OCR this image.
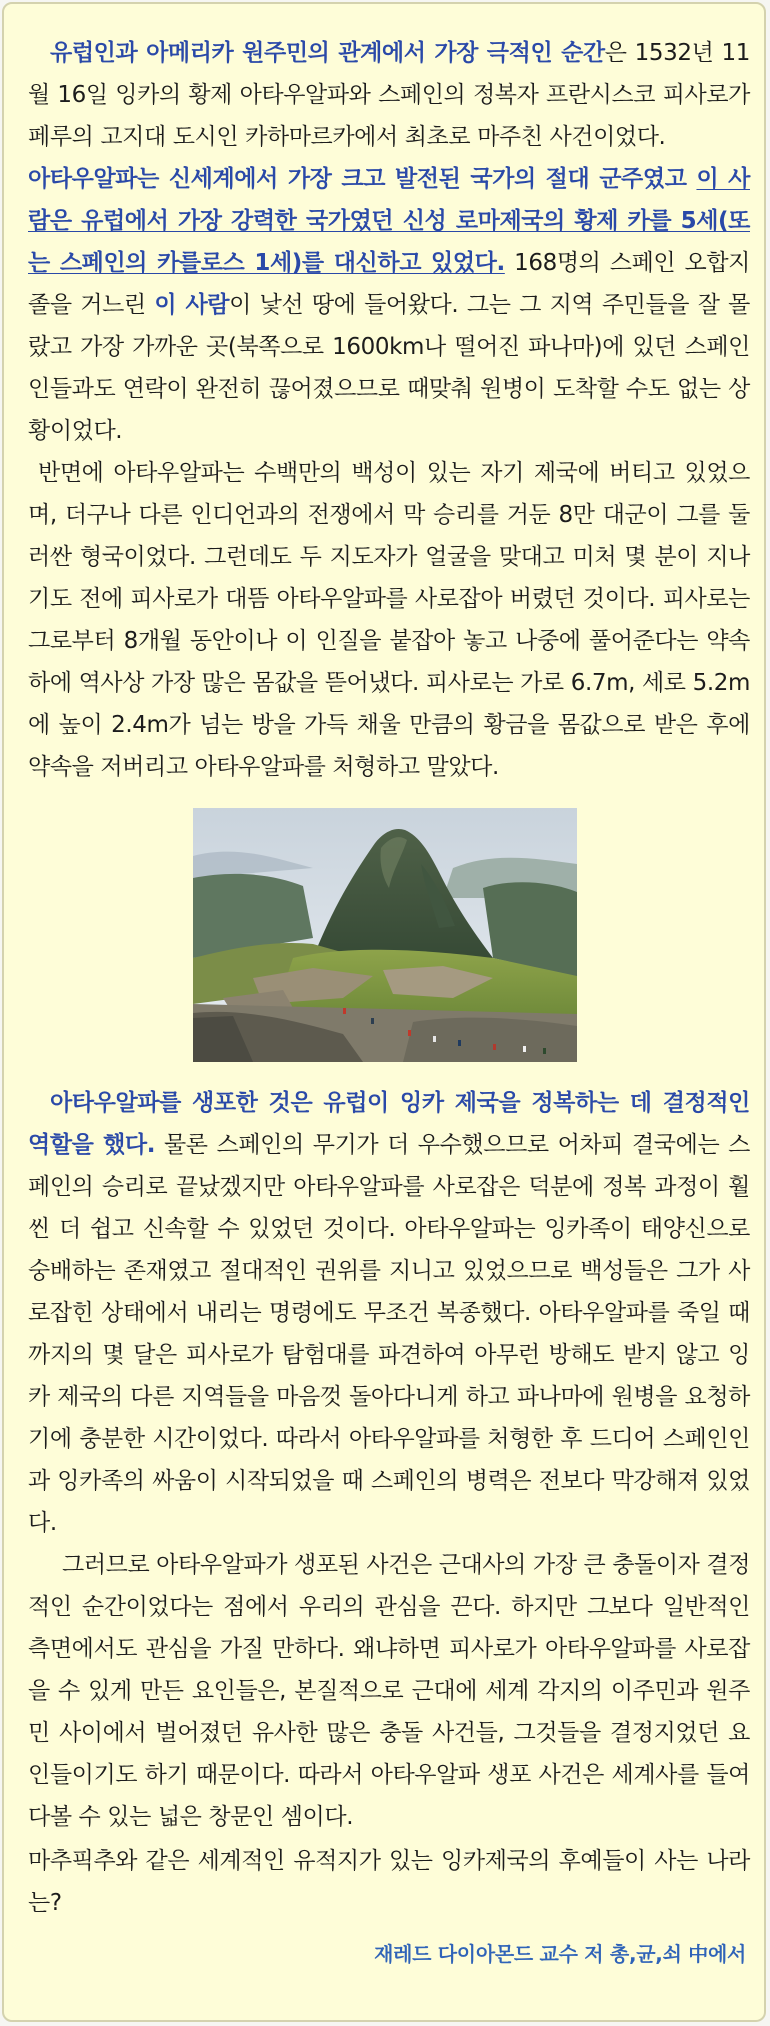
유럽인과 아메리카 원주민의 관계에서 가장 극적인 순간은 1532년 11월 16일 잉카의 황제 아타우알파와 스페인의 정복자 프란시스코 피사로가 페루의 고지대 도시인 카하마르카에서 최초로 마주친 사건이었다.

아타우알파는 신세계에서 가장 크고 발전된 국가의 절대 군주였고 이 사람은 유럽에서 가장 강력한 국가였던 신성 로마제국의 황제 카를 5세(또는 스페인의 카를로스 1세)를 대신하고 있었다. 168명의 스페인 오합지졸을 거느린 이 사람이 낯선 땅에 들어왔다. 그는 그 지역 주민들을 잘 몰랐고 가장 가까운 곳(북쪽으로 1600km나 떨어진 파나마)에 있던 스페인인들과도 연락이 완전히 끊어졌으므로 때맞춰 원병이 도착할 수도 없는 상황이었다.

반면에 아타우알파는 수백만의 백성이 있는 자기 제국에 버티고 있었으며, 더구나 다른 인디언과의 전쟁에서 막 승리를 거둔 8만 대군이 그를 둘러싼 형국이었다. 그런데도 두 지도자가 얼굴을 맞대고 미처 몇 분이 지나기도 전에 피사로가 대뜸 아타우알파를 사로잡아 버렸던 것이다. 피사로는 그로부터 8개월 동안이나 이 인질을 붙잡아 놓고 나중에 풀어준다는 약속하에 역사상 가장 많은 몸값을 뜯어냈다. 피사로는 가로 6.7m, 세로 5.2m에 높이 2.4m가 넘는 방을 가득 채울 만큼의 황금을 몸값으로 받은 후에 약속을 저버리고 아타우알파를 처형하고 말았다.

아타우알파를 생포한 것은 유럽이 잉카 제국을 정복하는 데 결정적인 역할을 했다. 물론 스페인의 무기가 더 우수했으므로 어차피 결국에는 스페인의 승리로 끝났겠지만 아타우알파를 사로잡은 덕분에 정복 과정이 훨씬 더 쉽고 신속할 수 있었던 것이다. 아타우알파는 잉카족이 태양신으로 숭배하는 존재였고 절대적인 권위를 지니고 있었으므로 백성들은 그가 사로잡힌 상태에서 내리는 명령에도 무조건 복종했다. 아타우알파를 죽일 때까지의 몇 달은 피사로가 탐험대를 파견하여 아무런 방해도 받지 않고 잉카 제국의 다른 지역들을 마음껏 돌아다니게 하고 파나마에 원병을 요청하기에 충분한 시간이었다. 따라서 아타우알파를 처형한 후 드디어 스페인인과 잉카족의 싸움이 시작되었을 때 스페인의 병력은 전보다 막강해져 있었다.

그러므로 아타우알파가 생포된 사건은 근대사의 가장 큰 충돌이자 결정적인 순간이었다는 점에서 우리의 관심을 끈다. 하지만 그보다 일반적인 측면에서도 관심을 가질 만하다. 왜냐하면 피사로가 아타우알파를 사로잡을 수 있게 만든 요인들은, 본질적으로 근대에 세계 각지의 이주민과 원주민 사이에서 벌어졌던 유사한 많은 충돌 사건들, 그것들을 결정지었던 요인들이기도 하기 때문이다. 따라서 아타우알파 생포 사건은 세계사를 들여다볼 수 있는 넓은 창문인 셈이다.

마추픽추와 같은 세계적인 유적지가 있는 잉카제국의 후예들이 사는 나라는?

재레드 다이아몬드 교수 저 총,균,쇠 中에서
